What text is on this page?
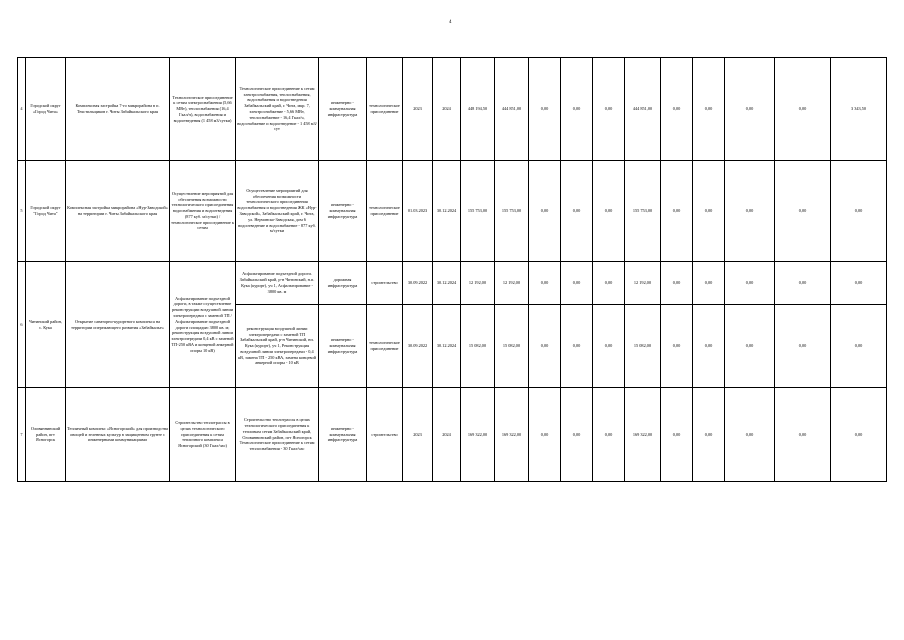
4
4	Городской округ «Город Чита»	Комплексная застройка 7-го микрорайона в п. Текстильщиков г. Читы Забайкальского края	Технологическое присоединение к сетям электроснабжения (5,66 МВт), теплоснабжения (16,4 Гкал/ч), водоснабжения и водоотведения (1 458 м3/сутки)	Технологическое присоединение к сетям электроснабжения, теплоснабжения, водоснабжения и водоотведения Забайкальский край, г. Чита, мкр. 7, электроснабжение - 5,66 МВт, теплоснабжение - 16,4 Гкал/ч, водоснабжение и водоотведение - 1 458 м3/сут	инженерно - коммунальная инфраструктура	технологическое присоединение	2023	2024	448 194,50	444 851,00	0,00	0,00	0,00	444 851,00	0,00	0,00	0,00	0,00	3 343,50
5	Городской округ "Город Чита"	Комплексная застройка микрорайона «Нур-Заводской» на территории г. Читы Забайкальского края	Осуществление мероприятий для обеспечения возможности технологического присоединения водоснабжения и водоотведения (877 куб. м/сутки) / технологическое присоединение к сетям	Осуществление мероприятий для обеспечения возможности технологического присоединения водоснабжения и водоотведения ЖК «Нур-Заводской», Забайкальский край, г. Чита, ул. Нерчинско-Заводская, дом 6 водоотведение и водоснабжение - 877 куб. м/сутки	инженерно - коммунальная инфраструктура	технологическое присоединение	01.03.2023	30.12.2024	155 753,00	155 753,00	0,00	0,00	0,00	155 753,00	0,00	0,00	0,00	0,00	0,00
6	Читинский район, с. Кука	Открытие санаторно-курортного комплекса на территории опережающего развития «Забайкалье»	Асфальтирование подъездной дороги, в также осуществление реконструкции воздушной линии электропередачи с заменой ТП / Асфальтирование подъездной дороги площадью 3800 кв. м; реконструкция воздушной линии электропередачи 0,4 кВ с заменой ТП-250 кВА и концевой анкерной опоры 10 кВ)	Асфальтирование подъездной дороги. Забайкальский край, р-н Читинский, н.п. Кука (курорт), уч 1, Асфальтирование - 3800 кв. м	дорожная инфраструктура	строительство	30.09.2022	30.12.2024	12 192,00	12 192,00	0,00	0,00	0,00	12 192,00	0,00	0,00	0,00	0,00	0,00
				реконструкция воздушной линии электропередачи с заменой ТП Забайкальский край, р-н Читинский, нп. Кука (курорт), уч 1, Реконструкция воздушной линии электропередачи - 0,4 кВ, замена ТП - 250 кВА, замена концевой анкерной опоры - 10 кВ	инженерно - коммунальная инфраструктура	технологическое присоединение	30.09.2022	30.12.2024	15 082,00	15 082,00	0,00	0,00	0,00	15 082,00	0,00	0,00	0,00	0,00	0,00
7	Оловяннинский район, пгт Ясногорск	Тепличный комплекс «Ясногорский» для производства овощей и зеленных культур в защищенном грунте с инженерными коммуникациями	Строительство теплотрассы в целях технологического присоединения к сетям тепличного комплекса Ясногорский (30 Гкал/час)	Строительство теплотрассы в целях технологического присоединения к тепловым сетям Забайкальский край, Оловяннинский район, пгт Ясногорск Технологическое присоединение к сетям теплоснабжения - 30 Гкал/час	инженерно - коммунальная инфраструктура	строительство	2023	2024	169 322,00	169 322,00	0,00	0,00	0,00	169 322,00	0,00	0,00	0,00	0,00	0,00
